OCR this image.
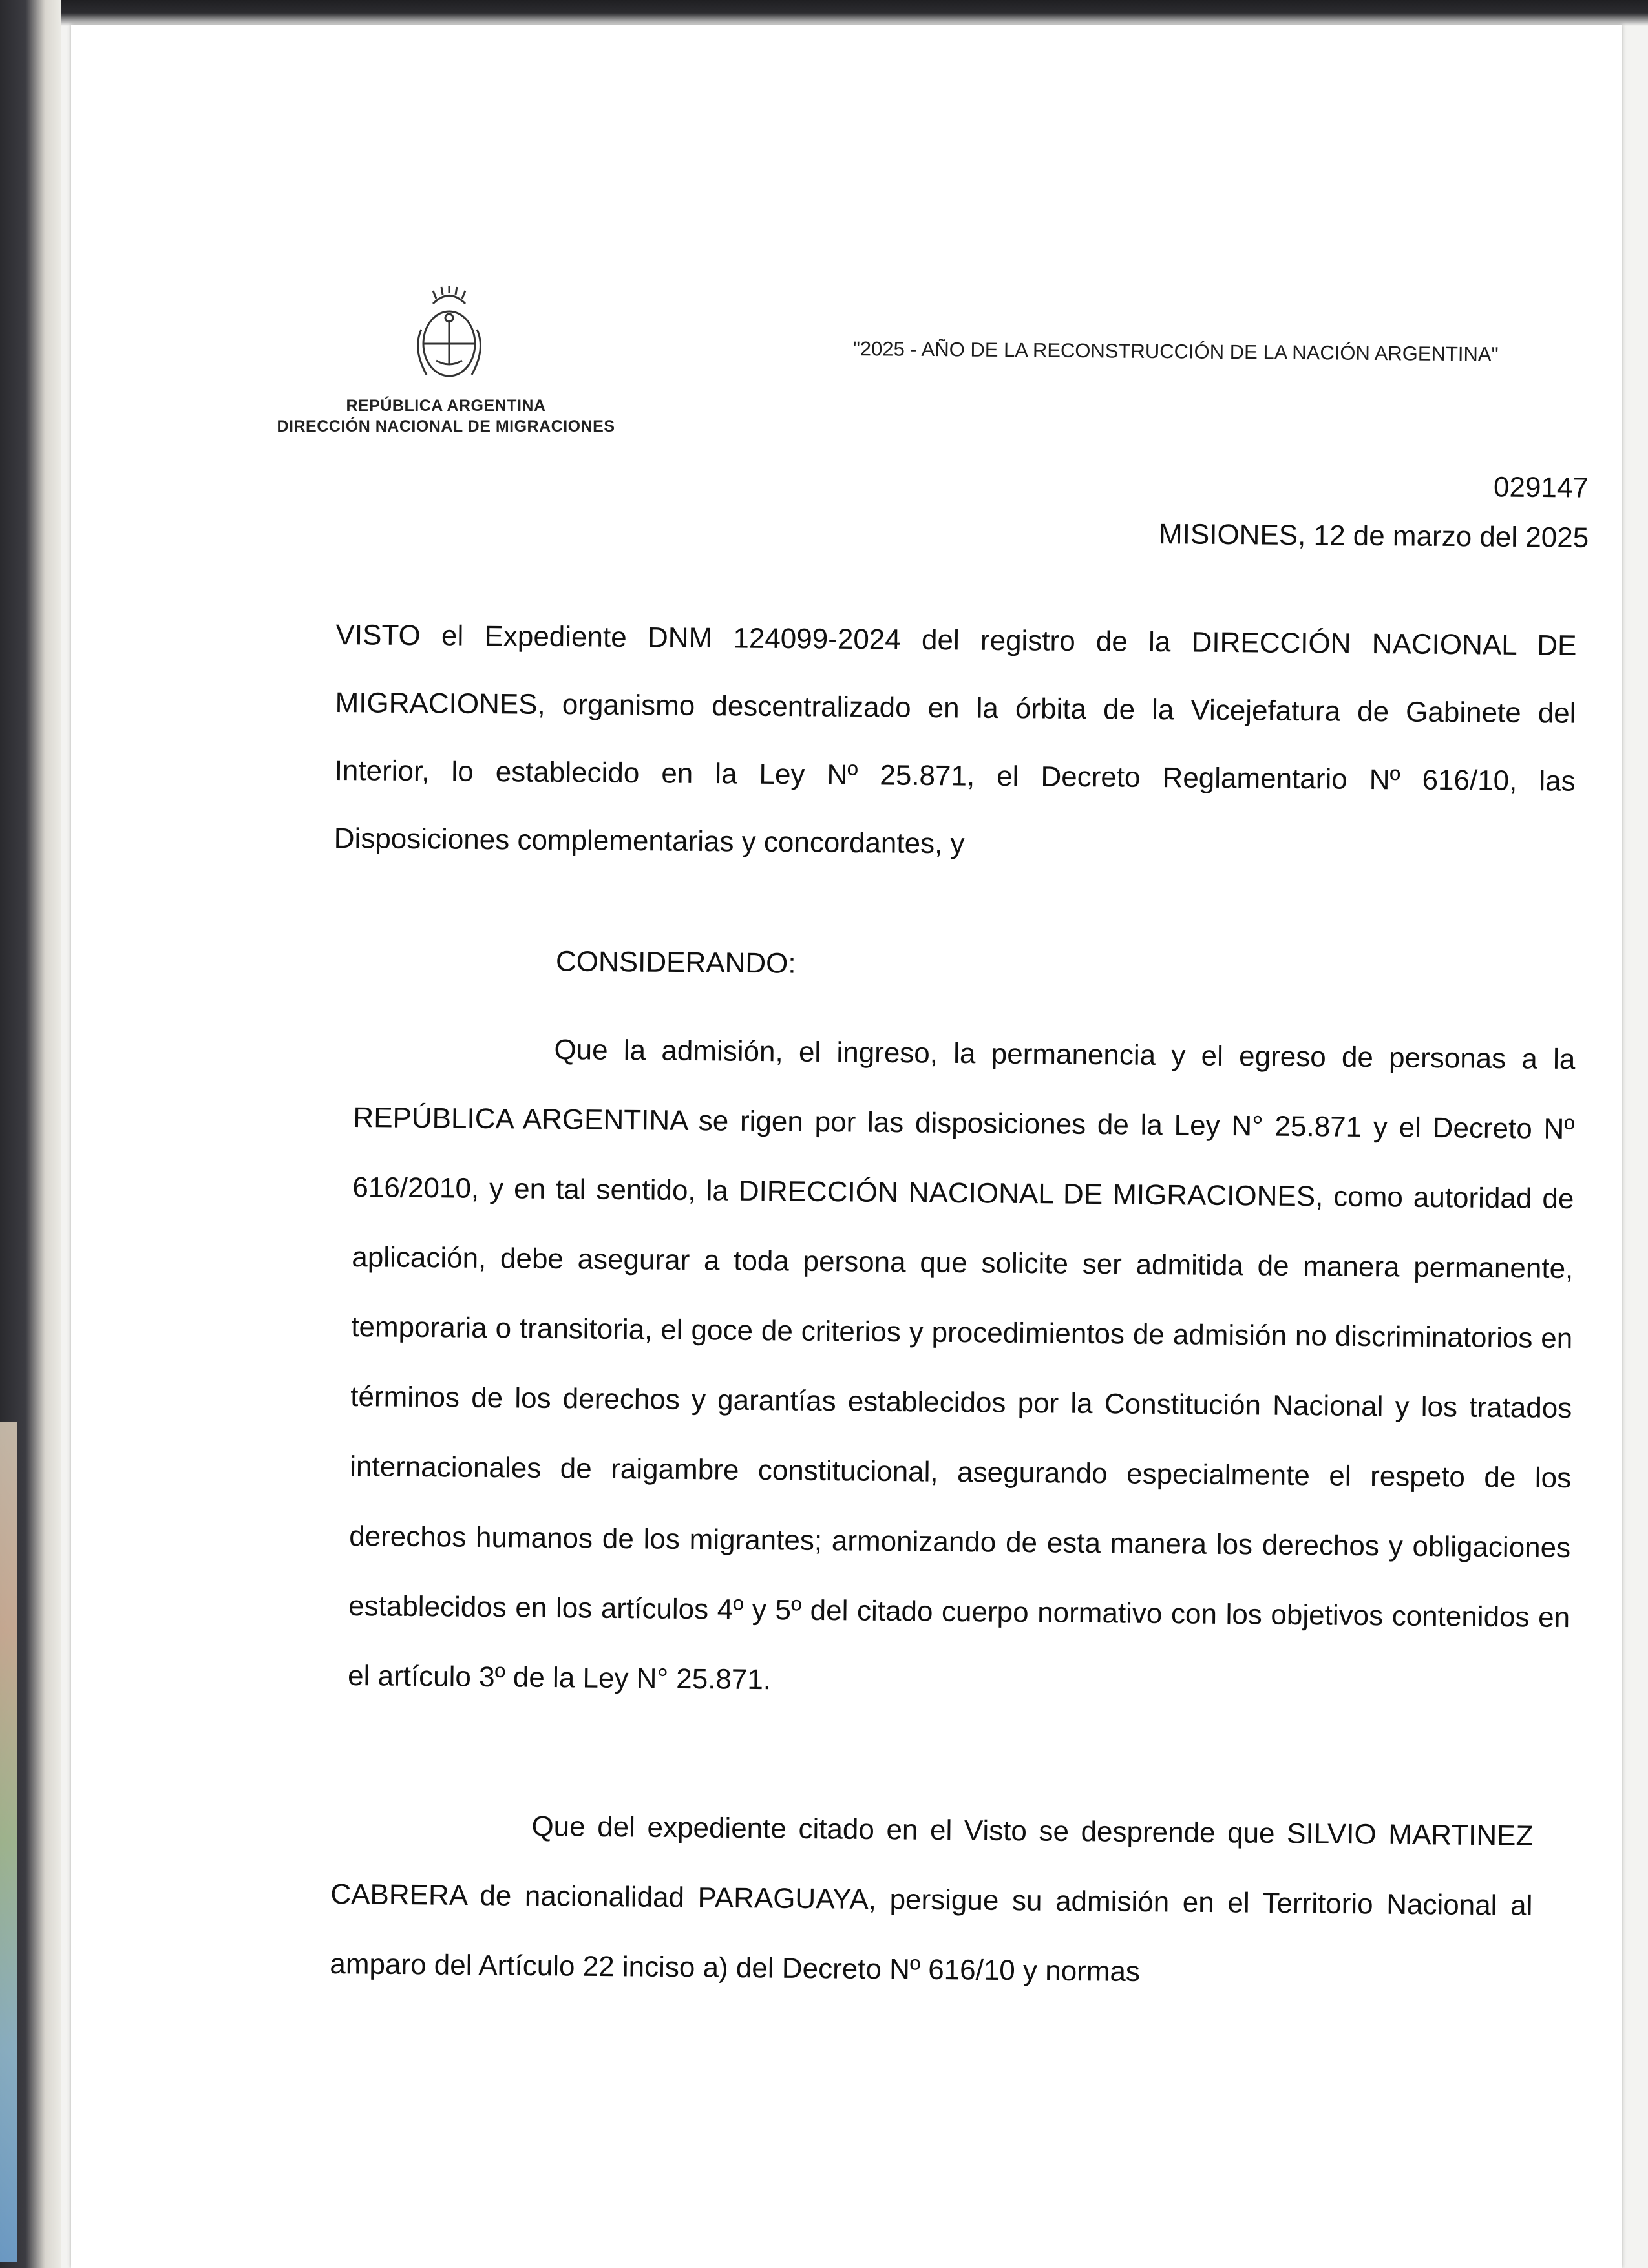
REPÚBLICA ARGENTINA
DIRECCIÓN NACIONAL DE MIGRACIONES
"2025 - AÑO DE LA RECONSTRUCCIÓN DE LA NACIÓN ARGENTINA"
029147
MISIONES, 12 de marzo del 2025
VISTO el Expediente DNM 124099-2024 del registro de la DIRECCIÓN NACIONAL DE MIGRACIONES, organismo descentralizado en la órbita de la Vicejefatura de Gabinete del Interior, lo establecido en la Ley Nº 25.871, el Decreto Reglamentario Nº 616/10, las Disposiciones complementarias y concordantes, y
CONSIDERANDO:
Que la admisión, el ingreso, la permanencia y el egreso de personas a la REPÚBLICA ARGENTINA se rigen por las disposiciones de la Ley N° 25.871 y el Decreto Nº 616/2010, y en tal sentido, la DIRECCIÓN NACIONAL DE MIGRACIONES, como autoridad de aplicación, debe asegurar a toda persona que solicite ser admitida de manera permanente, temporaria o transitoria, el goce de criterios y procedimientos de admisión no discriminatorios en términos de los derechos y garantías establecidos por la Constitución Nacional y los tratados internacionales de raigambre constitucional, asegurando especialmente el respeto de los derechos humanos de los migrantes; armonizando de esta manera los derechos y obligaciones establecidos en los artículos 4º y 5º del citado cuerpo normativo con los objetivos contenidos en el artículo 3º de la Ley N° 25.871.
Que del expediente citado en el Visto se desprende que SILVIO MARTINEZ CABRERA de nacionalidad PARAGUAYA, persigue su admisión en el Territorio Nacional al amparo del Artículo 22 inciso a) del Decreto Nº 616/10 y normas
